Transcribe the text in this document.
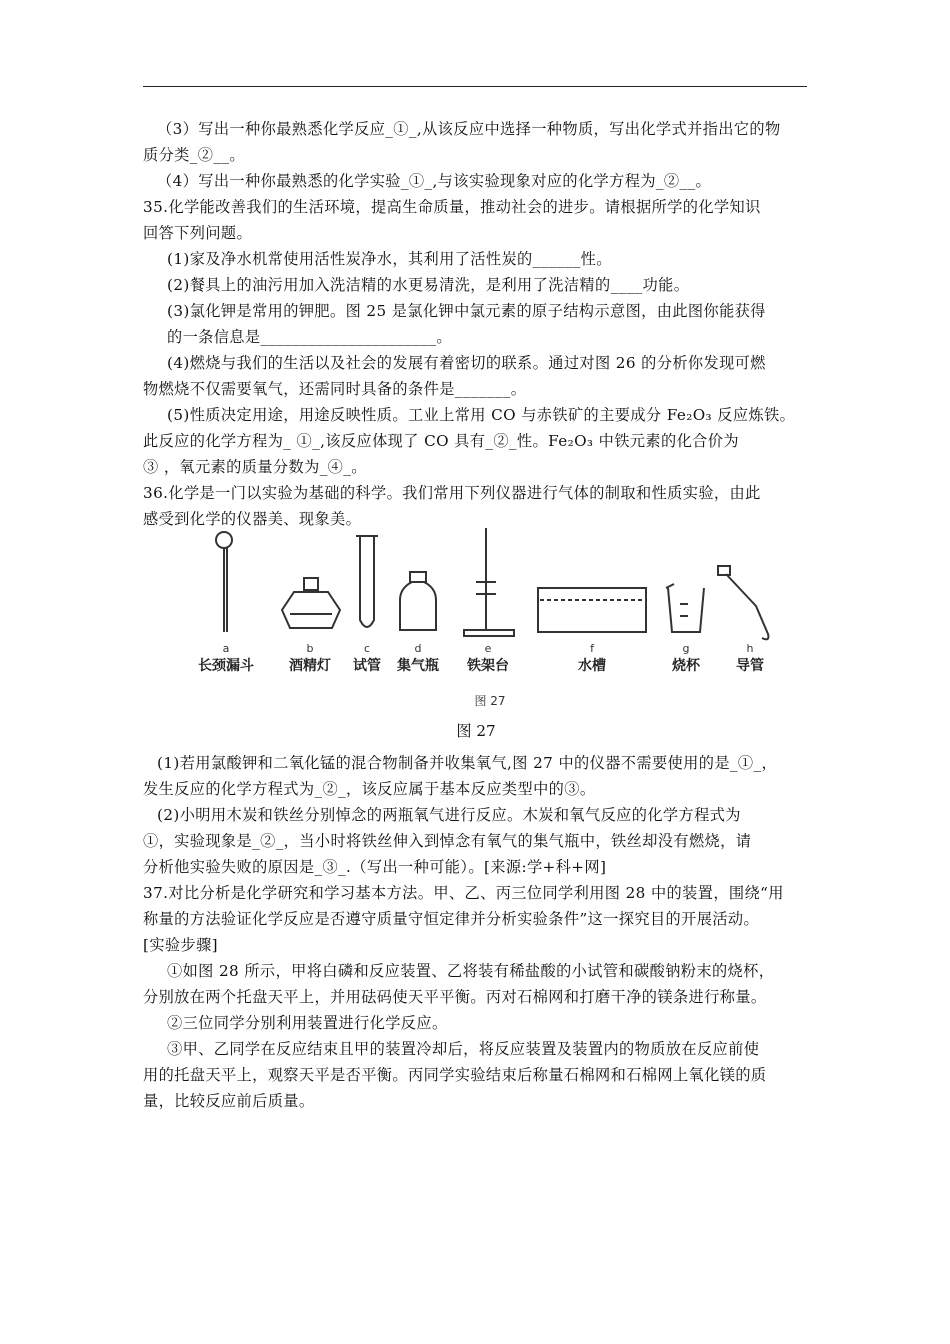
（3）写出一种你最熟悉化学反应_①_,从该反应中选择一种物质，写出化学式并指出它的物
质分类_②__。
（4）写出一种你最熟悉的化学实验_①_,与该实验现象对应的化学方程为_②__。
35.化学能改善我们的生活环境，提高生命质量，推动社会的进步。请根据所学的化学知识
回答下列问题。
(1)家及净水机常使用活性炭净水，其利用了活性炭的______性。
(2)餐具上的油污用加入洗洁精的水更易清洗，是利用了洗洁精的____功能。
(3)氯化钾是常用的钾肥。图 25 是氯化钾中氯元素的原子结构示意图，由此图你能获得
的一条信息是______________________。
(4)燃烧与我们的生活以及社会的发展有着密切的联系。通过对图 26 的分析你发现可燃
物燃烧不仅需要氧气，还需同时具备的条件是_______。
(5)性质决定用途，用途反映性质。工业上常用 CO 与赤铁矿的主要成分 Fe₂O₃ 反应炼铁。
此反应的化学方程为_ ①_,该反应体现了 CO 具有_②_性。Fe₂O₃ 中铁元素的化合价为
③ ，氧元素的质量分数为_④_。
36.化学是一门以实验为基础的科学。我们常用下列仪器进行气体的制取和性质实验，由此
感受到化学的仪器美、现象美。
a	b	c	d	e	f	g	h
长颈漏斗	酒精灯 试管 集气瓶 铁架台	水槽	烧杯	导管
图 27
图 27
(1)若用氯酸钾和二氧化锰的混合物制备并收集氧气,图 27 中的仪器不需要使用的是_①_，
发生反应的化学方程式为_②_，该反应属于基本反应类型中的③。
(2)小明用木炭和铁丝分别悼念的两瓶氧气进行反应。木炭和氧气反应的化学方程式为
①，实验现象是_②_，当小时将铁丝伸入到悼念有氧气的集气瓶中，铁丝却没有燃烧，请
分析他实验失败的原因是_③_.（写出一种可能）。[来源:学+科+网]
37.对比分析是化学研究和学习基本方法。甲、乙、丙三位同学利用图 28 中的装置，围绕“用
称量的方法验证化学反应是否遵守质量守恒定律并分析实验条件”这一探究目的开展活动。
[实验步骤]
①如图 28 所示，甲将白磷和反应装置、乙将装有稀盐酸的小试管和碳酸钠粉末的烧杯，
分别放在两个托盘天平上，并用砝码使天平平衡。丙对石棉网和打磨干净的镁条进行称量。
②三位同学分别利用装置进行化学反应。
③甲、乙同学在反应结束且甲的装置冷却后，将反应装置及装置内的物质放在反应前使
用的托盘天平上，观察天平是否平衡。丙同学实验结束后称量石棉网和石棉网上氧化镁的质
量，比较反应前后质量。
